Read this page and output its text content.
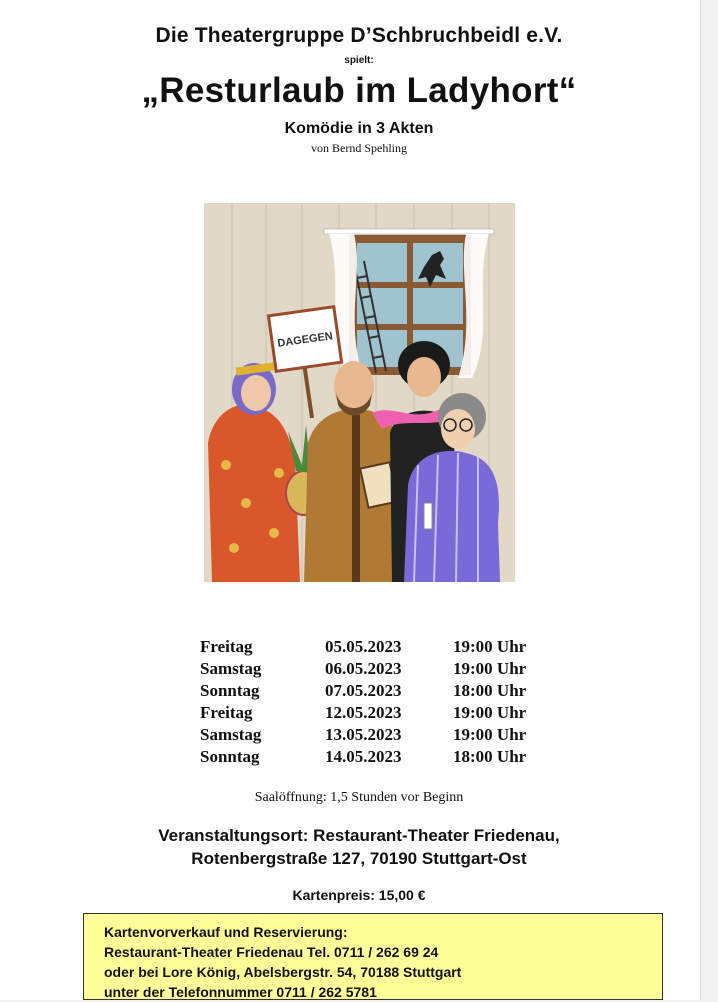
Die Theatergruppe D’Schbruchbeidl e.V.
spielt:
„Resturlaub im Ladyhort“
Komödie in 3 Akten
von Bernd Spehling
DAGEGEN
Freitag	05.05.2023	19:00 Uhr
Samstag	06.05.2023	19:00 Uhr
Sonntag	07.05.2023	18:00 Uhr
Freitag	12.05.2023	19:00 Uhr
Samstag	13.05.2023	19:00 Uhr
Sonntag	14.05.2023	18:00 Uhr
Saalöffnung: 1,5 Stunden vor Beginn
Veranstaltungsort: Restaurant-Theater Friedenau,
Rotenbergstraße 127, 70190 Stuttgart-Ost
Kartenpreis: 15,00 €
Kartenvorverkauf und Reservierung:
Restaurant-Theater Friedenau Tel. 0711 / 262 69 24
oder bei Lore König, Abelsbergstr. 54, 70188 Stuttgart
unter der Telefonnummer 0711 / 262 5781
